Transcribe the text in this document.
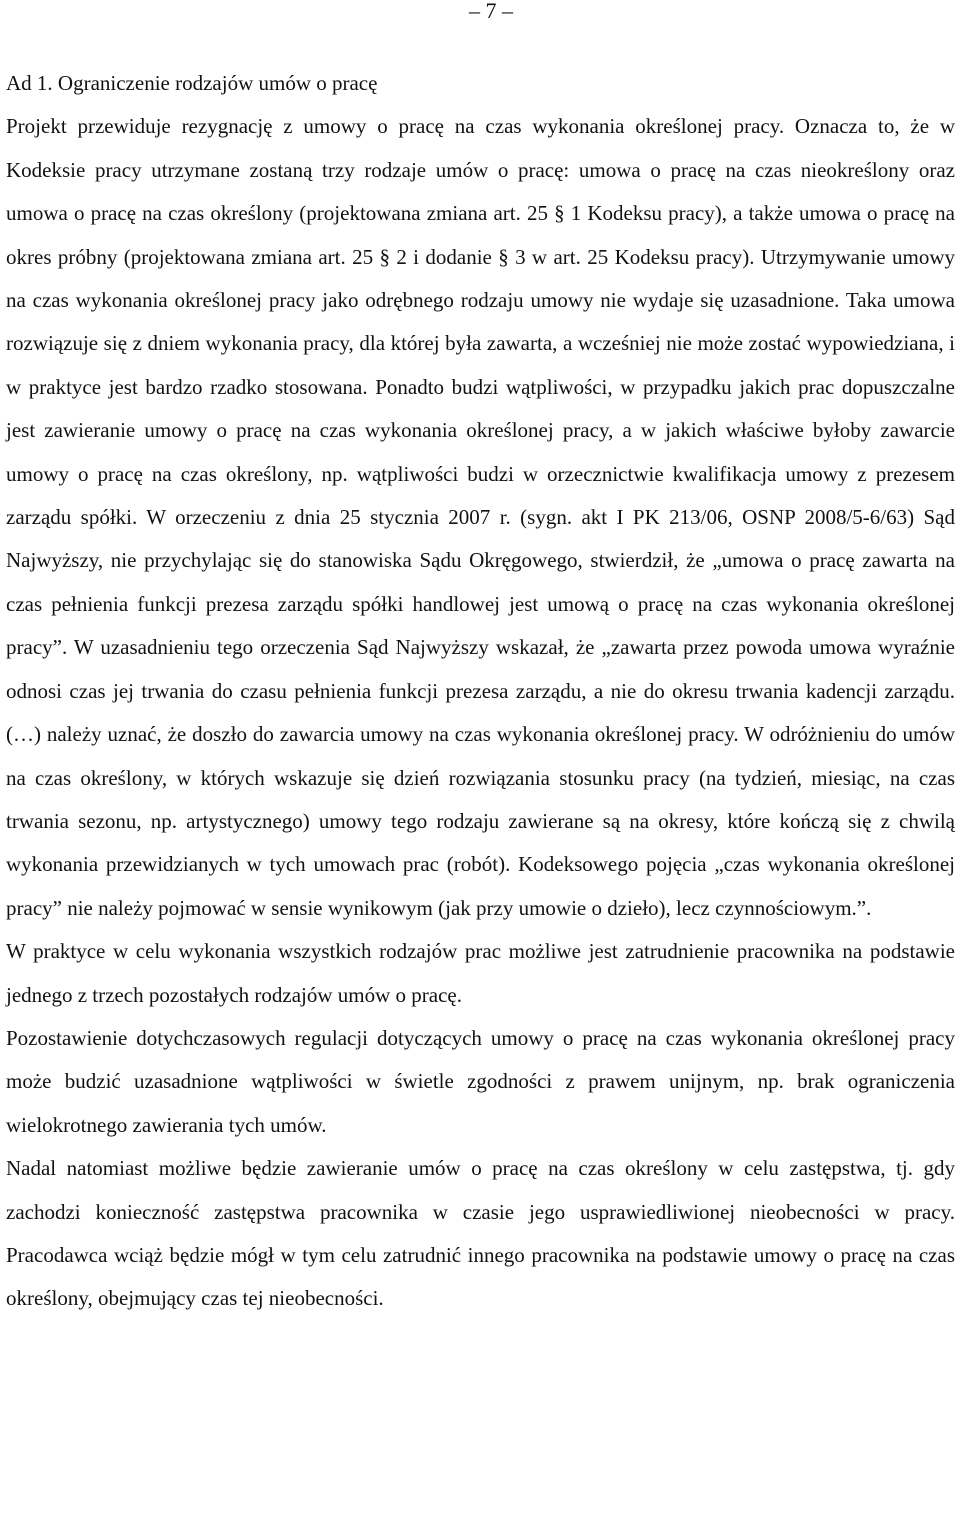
– 7 –

Ad 1. Ograniczenie rodzajów umów o pracę

Projekt przewiduje rezygnację z umowy o pracę na czas wykonania określonej pracy. Oznacza to, że w Kodeksie pracy utrzymane zostaną trzy rodzaje umów o pracę: umowa o pracę na czas nieokreślony oraz umowa o pracę na czas określony (projektowana zmiana art. 25 § 1 Kodeksu pracy), a także umowa o pracę na okres próbny (projektowana zmiana art. 25 § 2 i dodanie § 3 w art. 25 Kodeksu pracy). Utrzymywanie umowy na czas wykonania określonej pracy jako odrębnego rodzaju umowy nie wydaje się uzasadnione. Taka umowa rozwiązuje się z dniem wykonania pracy, dla której była zawarta, a wcześniej nie może zostać wypowiedziana, i w praktyce jest bardzo rzadko stosowana. Ponadto budzi wątpliwości, w przypadku jakich prac dopuszczalne jest zawieranie umowy o pracę na czas wykonania określonej pracy, a w jakich właściwe byłoby zawarcie umowy o pracę na czas określony, np. wątpliwości budzi w orzecznictwie kwalifikacja umowy z prezesem zarządu spółki. W orzeczeniu z dnia 25 stycznia 2007 r. (sygn. akt I PK 213/06, OSNP 2008/5-6/63) Sąd Najwyższy, nie przychylając się do stanowiska Sądu Okręgowego, stwierdził, że „umowa o pracę zawarta na czas pełnienia funkcji prezesa zarządu spółki handlowej jest umową o pracę na czas wykonania określonej pracy”. W uzasadnieniu tego orzeczenia Sąd Najwyższy wskazał, że „zawarta przez powoda umowa wyraźnie odnosi czas jej trwania do czasu pełnienia funkcji prezesa zarządu, a nie do okresu trwania kadencji zarządu. (…) należy uznać, że doszło do zawarcia umowy na czas wykonania określonej pracy. W odróżnieniu do umów na czas określony, w których wskazuje się dzień rozwiązania stosunku pracy (na tydzień, miesiąc, na czas trwania sezonu, np. artystycznego) umowy tego rodzaju zawierane są na okresy, które kończą się z chwilą wykonania przewidzianych w tych umowach prac (robót). Kodeksowego pojęcia „czas wykonania określonej pracy” nie należy pojmować w sensie wynikowym (jak przy umowie o dzieło), lecz czynnościowym.”.

W praktyce w celu wykonania wszystkich rodzajów prac możliwe jest zatrudnienie pracownika na podstawie jednego z trzech pozostałych rodzajów umów o pracę.

Pozostawienie dotychczasowych regulacji dotyczących umowy o pracę na czas wykonania określonej pracy może budzić uzasadnione wątpliwości w świetle zgodności z prawem unijnym, np. brak ograniczenia wielokrotnego zawierania tych umów.

Nadal natomiast możliwe będzie zawieranie umów o pracę na czas określony w celu zastępstwa, tj. gdy zachodzi konieczność zastępstwa pracownika w czasie jego usprawiedliwionej nieobecności w pracy. Pracodawca wciąż będzie mógł w tym celu zatrudnić innego pracownika na podstawie umowy o pracę na czas określony, obejmujący czas tej nieobecności.
